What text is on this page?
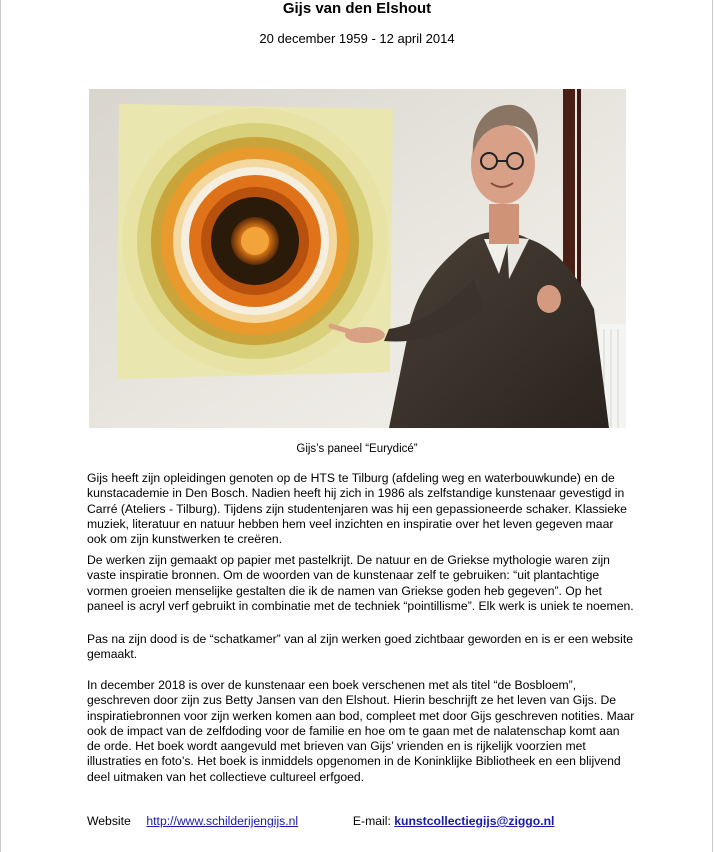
Gijs van den Elshout
20 december 1959 - 12 april 2014
Gijs’s paneel “Eurydicé”

Gijs heeft zijn opleidingen genoten op de HTS te Tilburg (afdeling weg en waterbouwkunde) en de kunstacademie in Den Bosch. Nadien heeft hij zich in 1986 als zelfstandige kunstenaar gevestigd in Carré (Ateliers - Tilburg). Tijdens zijn studentenjaren was hij een gepassioneerde schaker. Klassieke muziek, literatuur en natuur hebben hem veel inzichten en inspiratie over het leven gegeven maar ook om zijn kunstwerken te creëren.

De werken zijn gemaakt op papier met pastelkrijt. De natuur en de Griekse mythologie waren zijn vaste inspiratie bronnen. Om de woorden van de kunstenaar zelf te gebruiken: “uit plantachtige vormen groeien menselijke gestalten die ik de namen van Griekse goden heb gegeven”. Op het paneel is acryl verf gebruikt in combinatie met de techniek “pointillisme”. Elk werk is uniek te noemen.

Pas na zijn dood is de “schatkamer” van al zijn werken goed zichtbaar geworden en is er een website gemaakt.

In december 2018 is over de kunstenaar een boek verschenen met als titel “de Bosbloem”, geschreven door zijn zus Betty Jansen van den Elshout. Hierin beschrijft ze het leven van Gijs. De inspiratiebronnen voor zijn werken komen aan bod, compleet met door Gijs geschreven notities. Maar ook de impact van de zelfdoding voor de familie en hoe om te gaan met de nalatenschap komt aan de orde. Het boek wordt aangevuld met brieven van Gijs’ vrienden en is rijkelijk voorzien met illustraties en foto’s. Het boek is inmiddels opgenomen in de Koninklijke Bibliotheek en een blijvend deel uitmaken van het collectieve cultureel erfgoed.

Website http://www.schilderijengijs.nl	E-mail: kunstcollectiegijs@ziggo.nl
